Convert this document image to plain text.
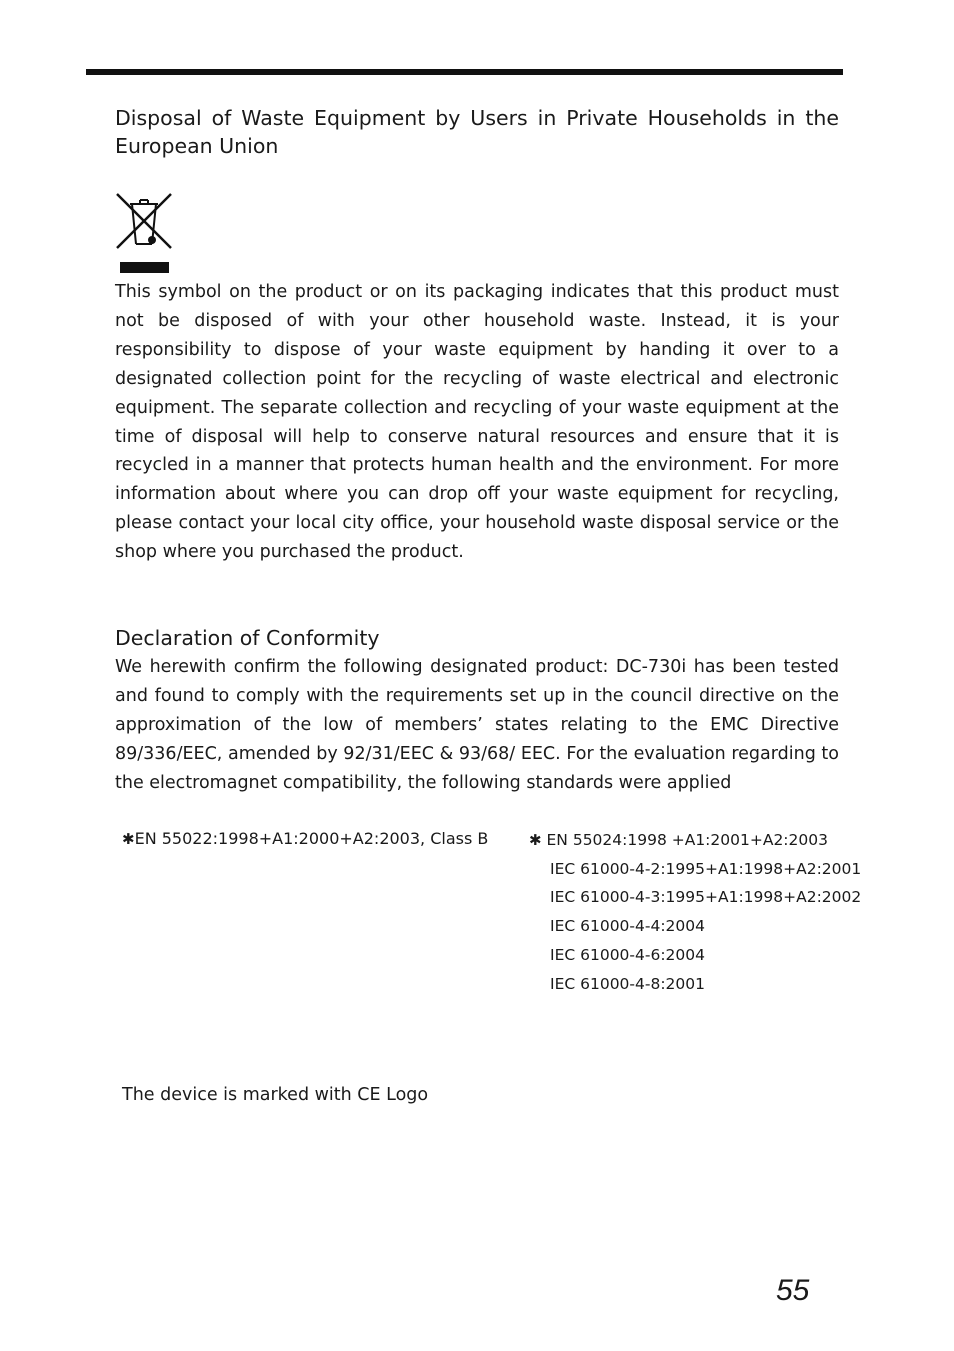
Disposal of Waste Equipment by Users in Private Households in the European Union
This symbol on the product or on its packaging indicates that this product must not be disposed of with your other household waste. Instead, it is your responsibility to dispose of your waste equipment by handing it over to a designated collection point for the recycling of waste electrical and electronic equipment. The separate collection and recycling of your waste equipment at the time of disposal will help to conserve natural resources and ensure that it is recycled in a manner that protects human health and the environment. For more information about where you can drop off your waste equipment for recycling, please contact your local city office, your household waste disposal service or the shop where you purchased the product.
Declaration of Conformity
We herewith confirm the following designated product: DC-730i has been tested and found to comply with the requirements set up in the council directive on the approximation of the low of members’ states relating to the EMC Directive 89/336/EEC, amended by 92/31/EEC & 93/68/ EEC. For the evaluation regarding to the electromagnet compatibility, the following standards were applied
✱EN 55022:1998+A1:2000+A2:2003, Class B	✱ EN 55024:1998 +A1:2001+A2:2003
IEC 61000-4-2:1995+A1:1998+A2:2001
IEC 61000-4-3:1995+A1:1998+A2:2002
IEC 61000-4-4:2004
IEC 61000-4-6:2004
IEC 61000-4-8:2001
The device is marked with CE Logo
55
